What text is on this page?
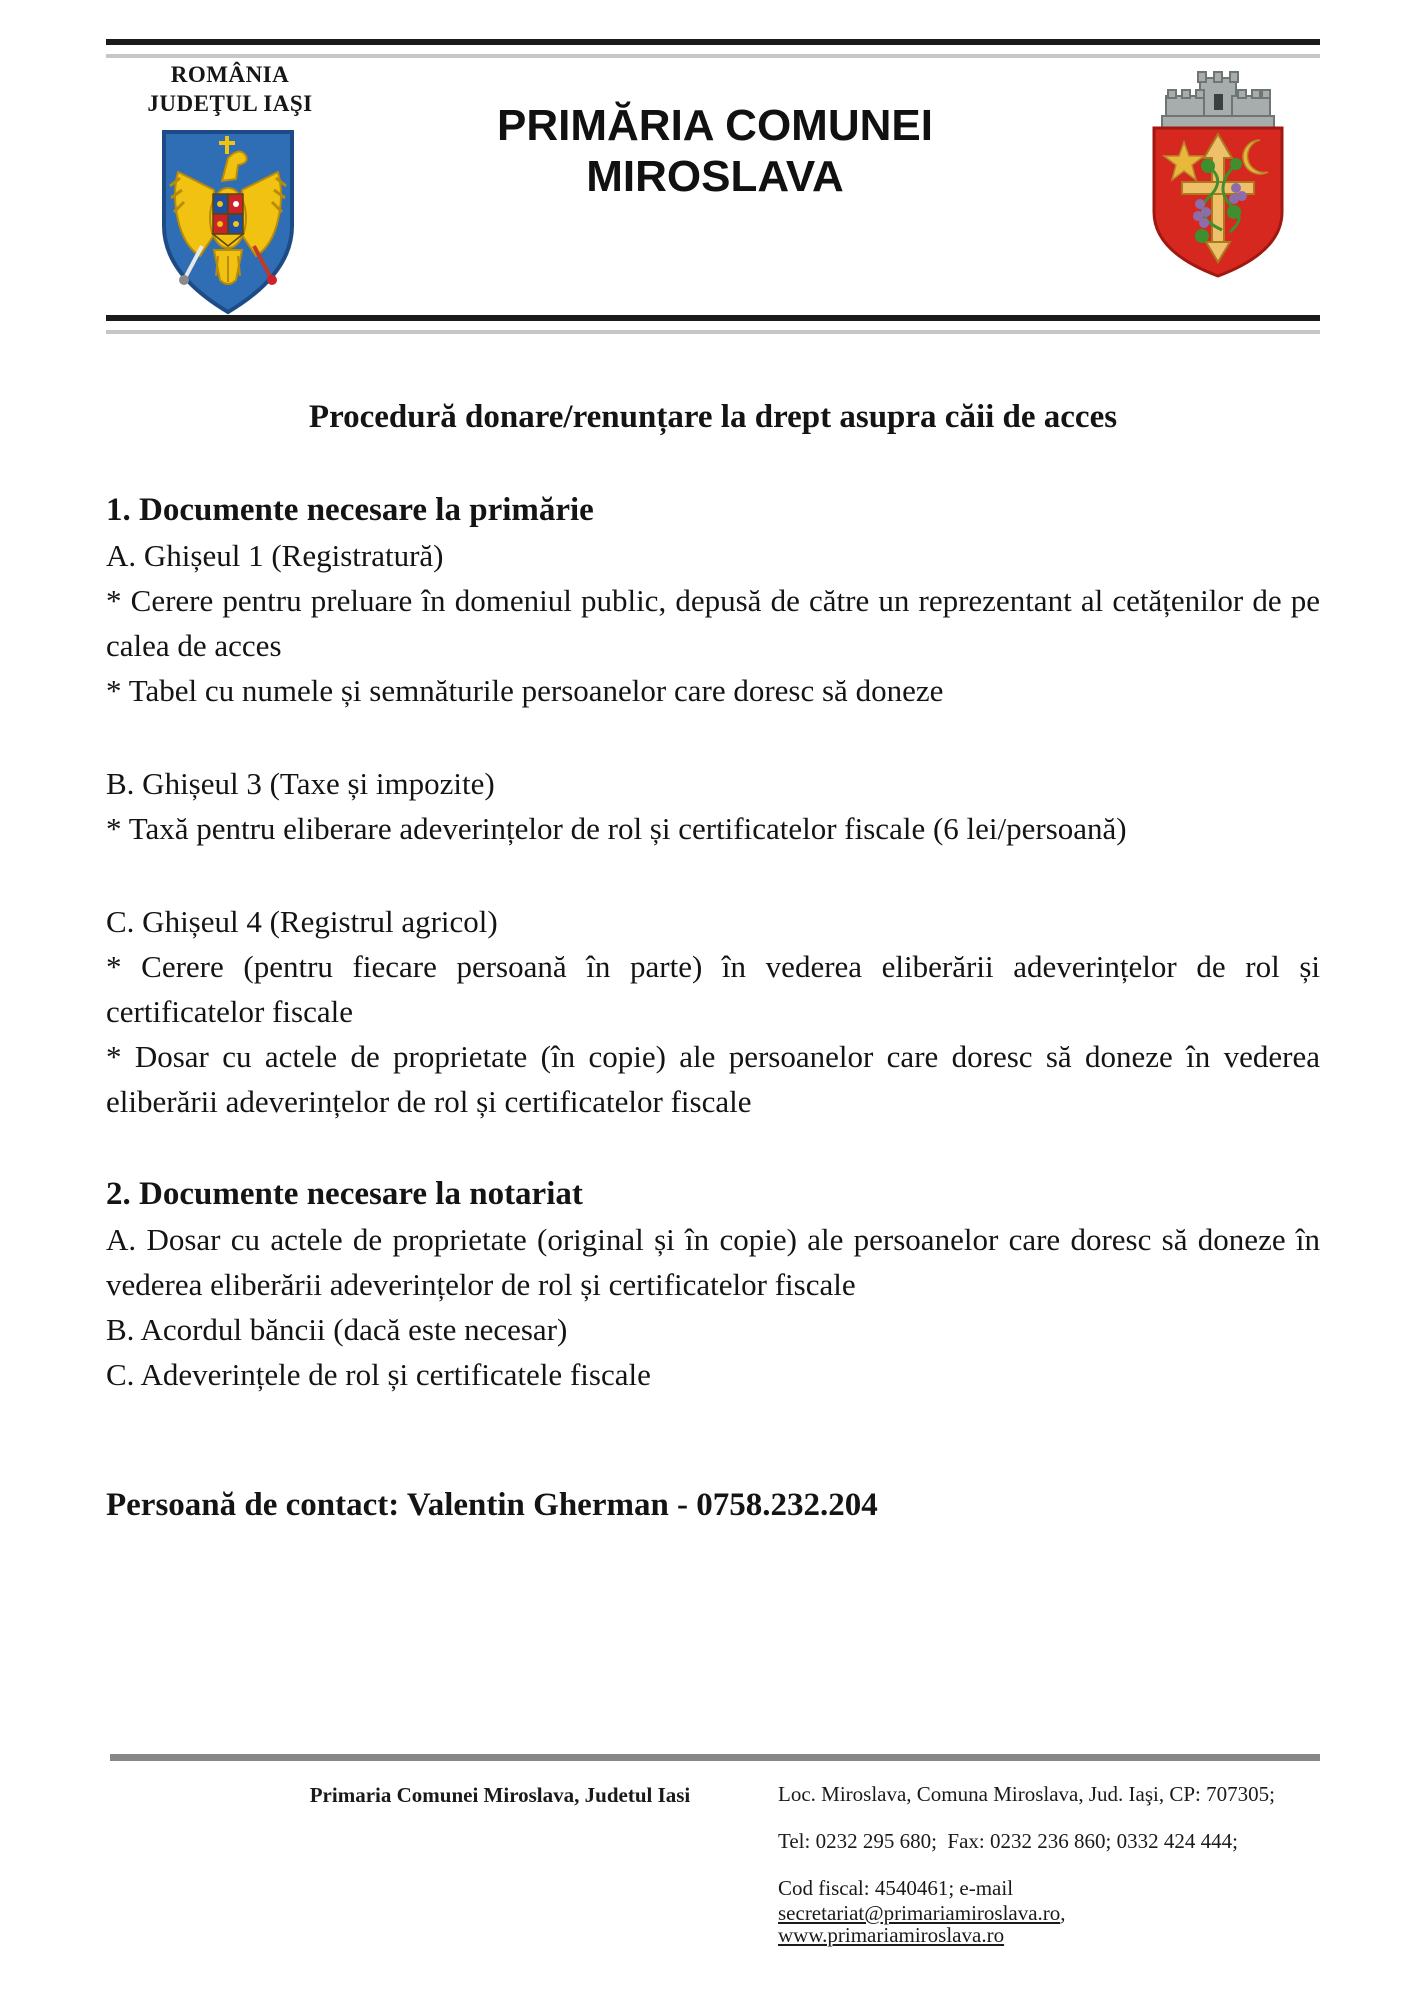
ROMÂNIA
JUDEŢUL IAŞI	PRIMĂRIA COMUNEI
MIROSLAVA
Procedură donare/renunțare la drept asupra căii de acces

1. Documente necesare la primărie

A. Ghișeul 1 (Registratură)

* Cerere pentru preluare în domeniul public, depusă de către un reprezentant al cetățenilor de pe calea de acces

* Tabel cu numele și semnăturile persoanelor care doresc să doneze

B. Ghișeul 3 (Taxe și impozite)

* Taxă pentru eliberare adeverințelor de rol și certificatelor fiscale (6 lei/persoană)

C. Ghișeul 4 (Registrul agricol)

* Cerere (pentru fiecare persoană în parte) în vederea eliberării adeverințelor de rol și certificatelor fiscale

* Dosar cu actele de proprietate (în copie) ale persoanelor care doresc să doneze în vederea eliberării adeverințelor de rol și certificatelor fiscale

2. Documente necesare la notariat

A. Dosar cu actele de proprietate (original și în copie) ale persoanelor care doresc să doneze în vederea eliberării adeverințelor de rol și certificatelor fiscale

B. Acordul băncii (dacă este necesar)

C. Adeverințele de rol și certificatele fiscale

Persoană de contact: Valentin Gherman - 0758.232.204

Primaria Comunei Miroslava, Judetul Iasi	Loc. Miroslava, Comuna Miroslava, Jud. Iaşi, CP: 707305;
Tel: 0232 295 680;  Fax: 0232 236 860; 0332 424 444;
Cod fiscal: 4540461; e-mail secretariat@primariamiroslava.ro,
www.primariamiroslava.ro
